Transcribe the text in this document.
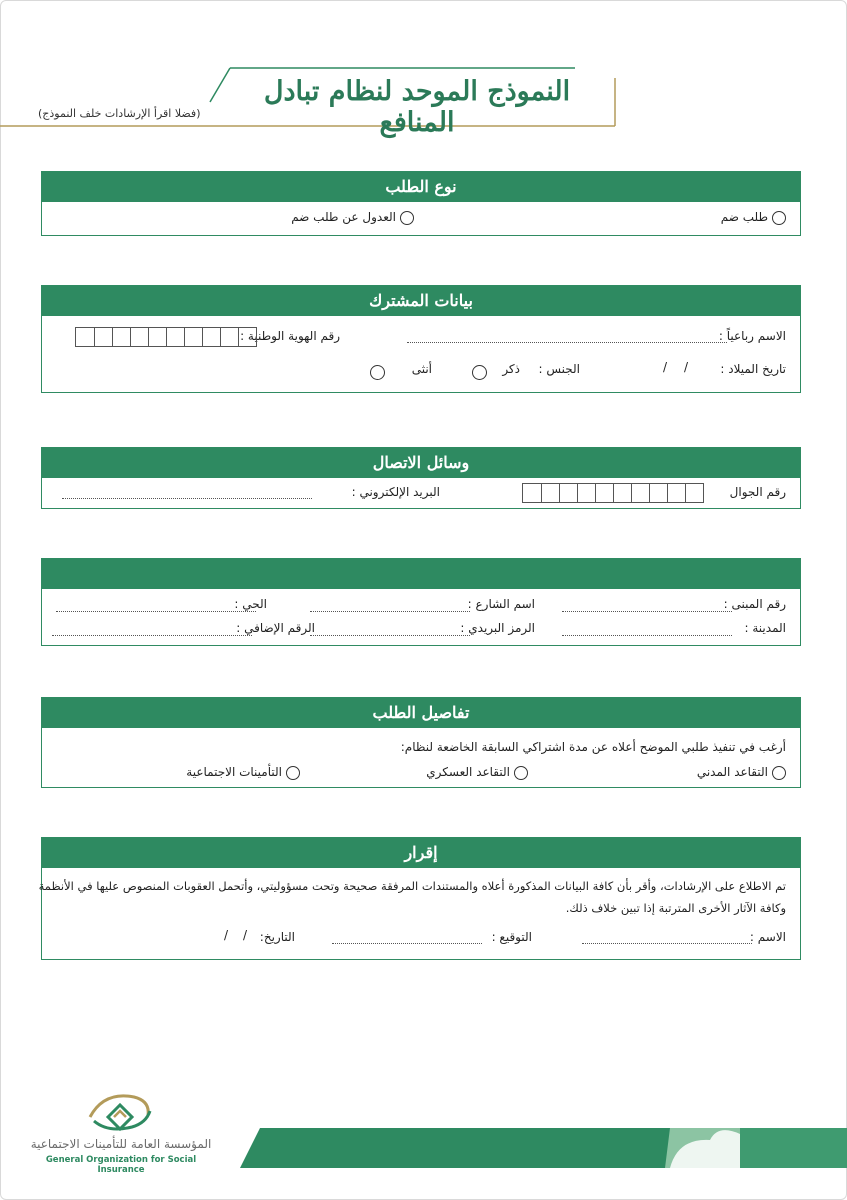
النموذج الموحد لنظام تبادل المنافع
(فضلا اقرأ الإرشادات خلف النموذج)
نوع الطلب
طلب ضم
العدول عن طلب ضم
بيانات المشترك
الاسم رباعياً :
رقم الهوية الوطنية :
تاريخ الميلاد :
/
/
الجنس :
ذكر
أنثى
وسائل الاتصال
رقم الجوال
البريد الإلكتروني :
رقم المبنى :
اسم الشارع :
الحي :
المدينة :
الرمز البريدي :
الرقم الإضافي :
تفاصيل الطلب
أرغب في تنفيذ طلبي الموضح أعلاه عن مدة اشتراكي السابقة الخاضعة لنظام:
التقاعد المدني
التقاعد العسكري
التأمينات الاجتماعية
إقرار
تم الاطلاع على الإرشادات، وأقر بأن كافة البيانات المذكورة أعلاه والمستندات المرفقة صحيحة وتحت مسؤوليتي، وأتحمل العقوبات المنصوص عليها في الأنظمة
وكافة الآثار الأخرى المترتبة إذا تبين خلاف ذلك.
الاسم :
التوقيع :
التاريخ:
/
/
المؤسسة العامة للتأمينات الاجتماعية
General Organization for Social Insurance
